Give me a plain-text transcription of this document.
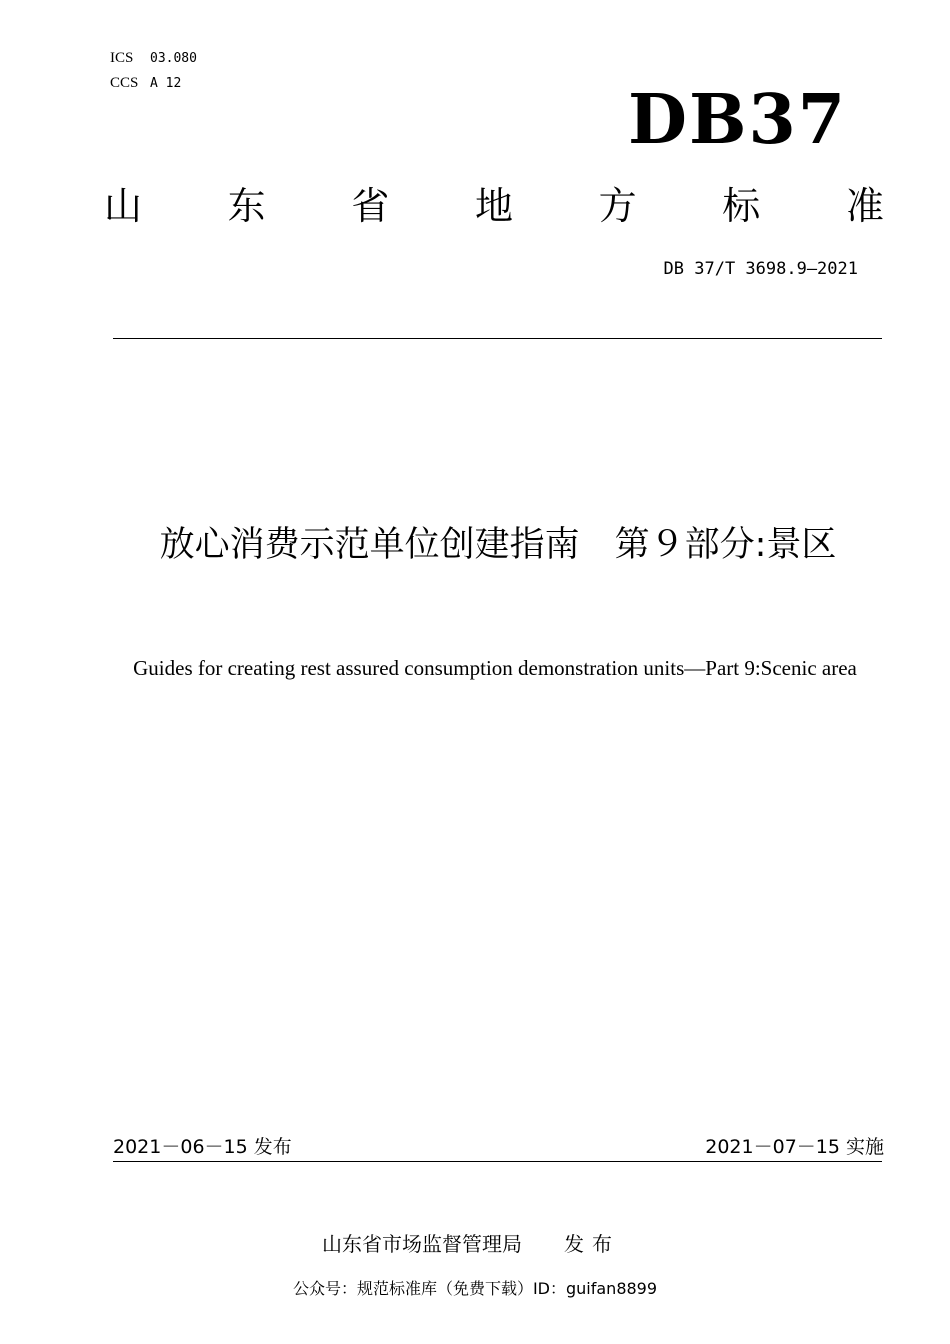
ICS 03.080
CCS A 12	DB37
山 东 省 地 方 标 准
DB 37/T 3698.9—2021
放心消费示范单位创建指南　第９部分:景区
Guides for creating rest assured consumption demonstration units—Part 9:Scenic area
2021－06－15 发布	2021－07－15 实施
山东省市场监督管理局 发布
公众号：规范标准库（免费下载）ID：guifan8899
